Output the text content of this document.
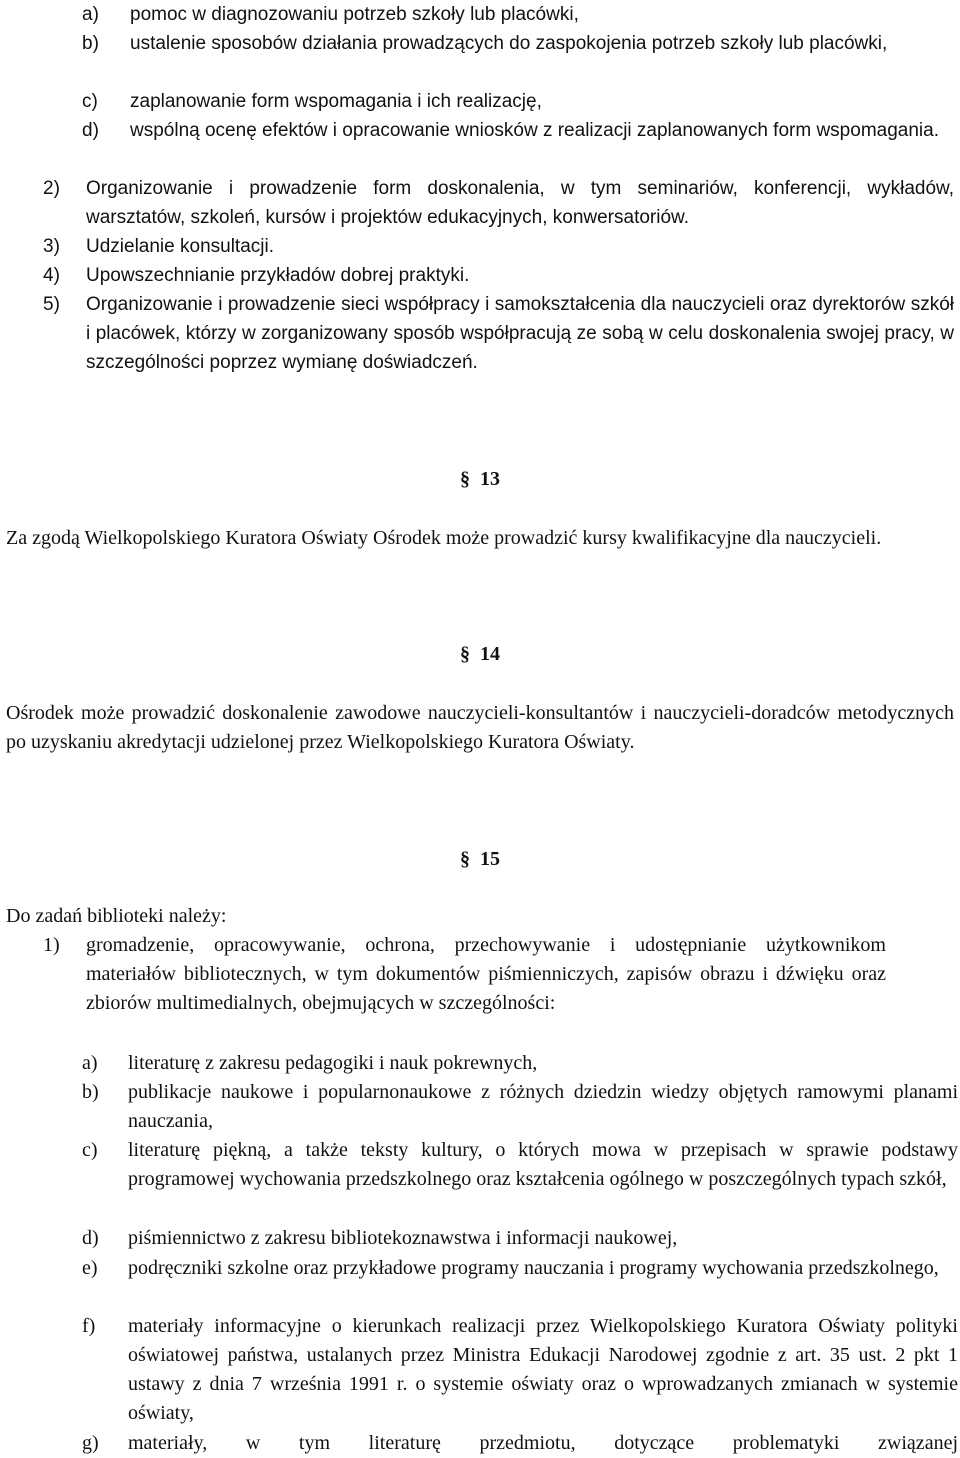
a)	pomoc w diagnozowaniu potrzeb szkoły lub placówki,
b)	ustalenie sposobów działania prowadzących do zaspokojenia potrzeb szkoły lub placówki,
c)	zaplanowanie form wspomagania i ich realizację,
d)	wspólną ocenę efektów i opracowanie wniosków z realizacji zaplanowanych form wspomagania.
2)	Organizowanie i prowadzenie form doskonalenia, w tym seminariów, konferencji, wykładów, warsztatów, szkoleń, kursów i projektów edukacyjnych, konwersatoriów.
3)	Udzielanie konsultacji.
4)	Upowszechnianie przykładów dobrej praktyki.
5)	Organizowanie i prowadzenie sieci współpracy i samokształcenia dla nauczycieli oraz dyrektorów szkół i placówek, którzy w zorganizowany sposób współpracują ze sobą w celu doskonalenia swojej pracy, w szczególności poprzez wymianę doświadczeń.
§ 13
Za zgodą Wielkopolskiego Kuratora Oświaty Ośrodek może prowadzić kursy kwalifikacyjne dla nauczycieli.
§ 14
Ośrodek może prowadzić doskonalenie zawodowe nauczycieli-konsultantów i nauczycieli-doradców metodycznych po uzyskaniu akredytacji udzielonej przez Wielkopolskiego Kuratora Oświaty.
§ 15
Do zadań biblioteki należy:
1)	gromadzenie, opracowywanie, ochrona, przechowywanie i udostępnianie użytkownikom materiałów bibliotecznych, w tym dokumentów piśmienniczych, zapisów obrazu i dźwięku oraz zbiorów multimedialnych, obejmujących w szczególności:
a)	literaturę z zakresu pedagogiki i nauk pokrewnych,
b)	publikacje naukowe i popularnonaukowe z różnych dziedzin wiedzy objętych ramowymi planami nauczania,
c)	literaturę piękną, a także teksty kultury, o których mowa w przepisach w sprawie podstawy programowej wychowania przedszkolnego oraz kształcenia ogólnego w poszczególnych typach szkół,
d)	piśmiennictwo z zakresu bibliotekoznawstwa i informacji naukowej,
e)	podręczniki szkolne oraz przykładowe programy nauczania i programy wychowania przedszkolnego,
f)	materiały informacyjne o kierunkach realizacji przez Wielkopolskiego Kuratora Oświaty polityki oświatowej państwa, ustalanych przez Ministra Edukacji Narodowej zgodnie z art. 35 ust. 2 pkt 1 ustawy z dnia 7 września 1991 r. o systemie oświaty oraz o wprowadzanych zmianach w systemie oświaty,
g)	materiały, w tym literaturę przedmiotu, dotyczące problematyki związanej
